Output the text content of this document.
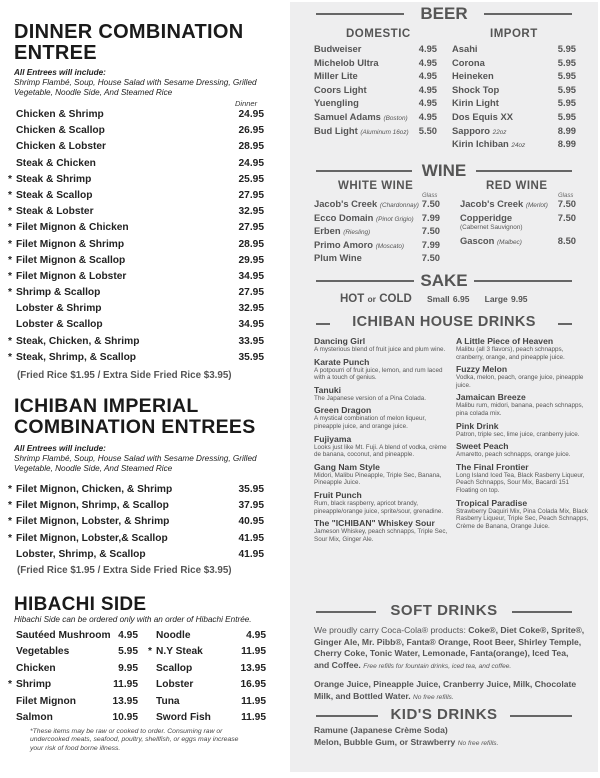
DINNER COMBINATION
ENTREE
All Entrees will include:
Shrimp Flambé, Soup, House Salad with Sesame Dressing, Grilled Vegetable, Noodle Side, And Steamed Rice
Dinner
Chicken & Shrimp	24.95
Chicken & Scallop	26.95
Chicken & Lobster	28.95
Steak & Chicken	24.95
* Steak & Shrimp	25.95
* Steak & Scallop	27.95
* Steak & Lobster	32.95
* Filet Mignon & Chicken	27.95
* Filet Mignon & Shrimp	28.95
* Filet Mignon & Scallop	29.95
* Filet Mignon & Lobster	34.95
* Shrimp & Scallop	27.95
Lobster & Shrimp	32.95
Lobster & Scallop	34.95
* Steak, Chicken, & Shrimp	33.95
* Steak, Shrimp, & Scallop	35.95
(Fried Rice $1.95 / Extra Side Fried Rice $3.95)
ICHIBAN IMPERIAL
COMBINATION ENTREES
All Entrees will include:
Shrimp Flambé, Soup, House Salad with Sesame Dressing, Grilled Vegetable, Noodle Side, And Steamed Rice
* Filet Mignon, Chicken, & Shrimp	35.95
* Filet Mignon, Shrimp, & Scallop	37.95
* Filet Mignon, Lobster, & Shrimp	40.95
* Filet Mignon, Lobster,& Scallop	41.95
Lobster, Shrimp, & Scallop	41.95
(Fried Rice $1.95 / Extra Side Fried Rice $3.95)
HIBACHI SIDE
Hibachi Side can be ordered only with an order of Hibachi Entrée.
Sautéed Mushroom 4.95 Noodle	4.95
Vegetables	5.95 * N.Y Steak	11.95
Chicken	9.95 Scallop	13.95
* Shrimp	11.95 Lobster	16.95
Filet Mignon	13.95 Tuna	11.95
Salmon	10.95 Sword Fish	11.95
*These items may be raw or cooked to order. Consuming raw or undercooked meats, seafood, poultry, shellfish, or eggs may increase your risk of food borne illness.
BEER
DOMESTIC	IMPORT
Budweiser	4.95
Michelob Ultra	4.95
Miller Lite	4.95
Coors Light	4.95
Yuengling	4.95
Samuel Adams (Boston) 4.95
Bud Light (Aluminum 16oz) 5.50
Asahi	5.95
Corona	5.95
Heineken	5.95
Shock Top	5.95
Kirin Light	5.95
Dos Equis XX	5.95
Sapporo 22oz	8.99
Kirin Ichiban 24oz	8.99
WINE
WHITE WINE	RED WINE
Glass	Glass
Jacob's Creek (Chardonnay) 7.50
Ecco Domain (Pinot Grigio) 7.99
Erben (Riesling)	7.50
Primo Amoro (Moscato) 7.99
Plum Wine	7.50
Jacob's Creek (Merlot) 7.50
Copperidge	7.50
(Cabernet Sauvignon)
Gascon (Malbec)	8.50
SAKE
HOT or COLD Small 6.95 Large 9.95
ICHIBAN HOUSE DRINKS
Dancing Girl
A mysterious blend of fruit juice and plum wine.
Karate Punch
A potpourri of fruit juice, lemon, and rum laced with a touch of genius.
Tanuki
The Japanese version of a Pina Colada.
Green Dragon
A mystical combination of melon liqueur, pineapple juice, and orange juice.
Fujiyama
Looks just like Mt. Fuji. A blend of vodka, crème de banana, coconut, and pineapple.
Gang Nam Style
Midori, Malibu Pineapple, Triple Sec, Banana, Pineapple Juice.
Fruit Punch
Rum, black raspberry, apricot brandy, pineapple/orange juice, sprite/sour, grenadine.
The "ICHIBAN" Whiskey Sour
Jameson Whiskey, peach schnapps, Triple Sec, Sour Mix, Ginger Ale.
A Little Piece of Heaven
Malibu (all 3 flavors), peach schnapps, cranberry, orange, and pineapple juice.
Fuzzy Melon
Vodka, melon, peach, orange juice, pineapple juice.
Jamaican Breeze
Malibu rum, midori, banana, peach schnapps, pina colada mix.
Pink Drink
Patron, triple sec, lime juice, cranberry juice.
Sweet Peach
Amaretto, peach schnapps, orange juice.
The Final Frontier
Long Island Iced Tea, Black Rasberry Liqueur, Peach Schnapps, Sour Mix, Bacardi 151 Floating on top.
Tropical Paradise
Strawberry Daquiri Mix, Pina Colada Mix, Black Rasberry Liqueur, Triple Sec, Peach Schnapps, Crème de Banana, Orange Juice.
SOFT DRINKS
We proudly carry Coca-Cola® products: Coke®, Diet Coke®, Sprite®, Ginger Ale, Mr. Pibb®, Fanta® Orange, Root Beer, Shirley Temple, Cherry Coke, Tonic Water, Lemonade, Fanta(orange), Iced Tea, and Coffee. Free refills for fountain drinks, iced tea, and coffee.
Orange Juice, Pineapple Juice, Cranberry Juice, Milk, Chocolate Milk, and Bottled Water. No free refills.
KID'S DRINKS
Ramune (Japanese Crème Soda)
Melon, Bubble Gum, or Strawberry No free refills.
